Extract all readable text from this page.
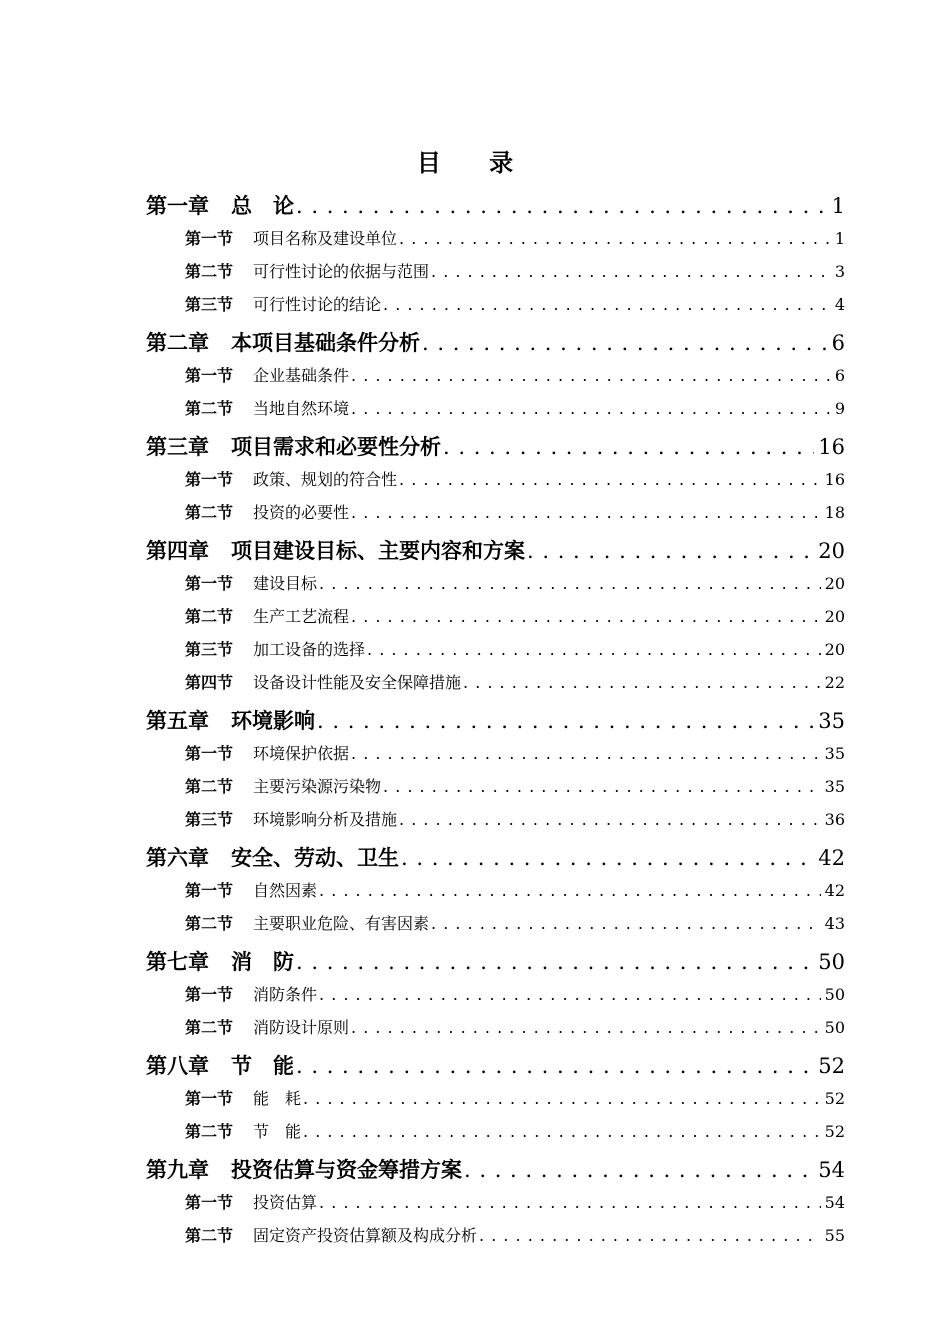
目 录
第一章 总　论 . . .	1
第一节 项目名称及建设单位 . . .	1
第二节 可行性讨论的依据与范围 . . .	3
第三节 可行性讨论的结论 . . .	4
第二章 本项目基础条件分析 . . .	6
第一节 企业基础条件 . . .	6
第二节 当地自然环境 . . .	9
第三章 项目需求和必要性分析 . . .	16
第一节 政策、规划的符合性 . . .	16
第二节 投资的必要性 . . .	18
第四章 项目建设目标、主要内容和方案 . . .	20
第一节 建设目标 . . .	20
第二节 生产工艺流程 . . .	20
第三节 加工设备的选择 . . .	20
第四节 设备设计性能及安全保障措施 . . .	22
第五章 环境影响 . . .	35
第一节 环境保护依据 . . .	35
第二节 主要污染源污染物 . . .	35
第三节 环境影响分析及措施 . . .	36
第六章 安全、劳动、卫生 . . .	42
第一节 自然因素 . . .	42
第二节 主要职业危险、有害因素 . . .	43
第七章 消　防 . . .	50
第一节 消防条件 . . .	50
第二节 消防设计原则 . . .	50
第八章 节　能 . . .	52
第一节 能　耗 . . .	52
第二节 节　能 . . .	52
第九章 投资估算与资金筹措方案 . . .	54
第一节 投资估算 . . .	54
第二节 固定资产投资估算额及构成分析 . . .	55
